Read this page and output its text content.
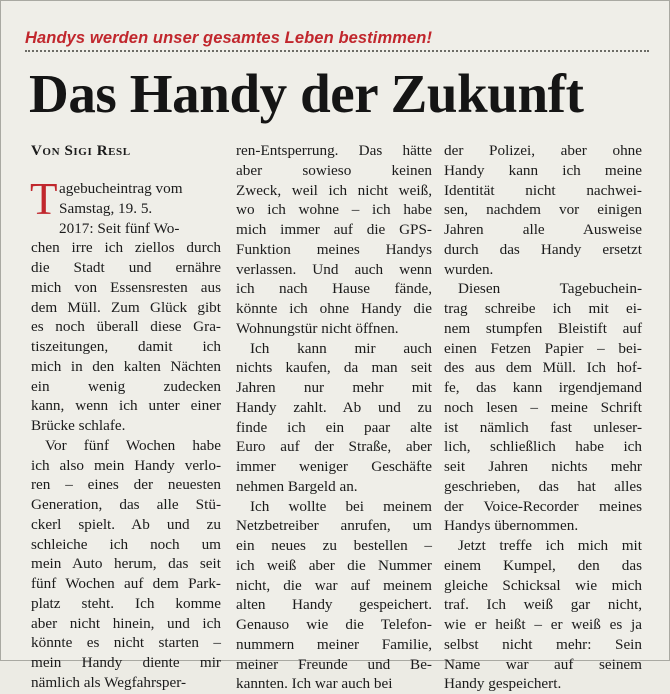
Handys werden unser gesamtes Leben bestimmen!
Das Handy der Zukunft
Von Sigi Resl
T agebucheintrag vom
Samstag, 19. 5.
2017: Seit fünf Wo-
chen irre ich ziellos durch
die Stadt und ernähre
mich von Essensresten aus
dem Müll. Zum Glück gibt
es noch überall diese Gra-
tiszeitungen, damit ich
mich in den kalten Nächten
ein wenig zudecken
kann, wenn ich unter einer
Brücke schlafe.
Vor fünf Wochen habe
ich also mein Handy verlo-
ren – eines der neuesten
Generation, das alle Stü-
ckerl spielt. Ab und zu
schleiche ich noch um
mein Auto herum, das seit
fünf Wochen auf dem Park-
platz steht. Ich komme
aber nicht hinein, und ich
könnte es nicht starten –
mein Handy diente mir
nämlich als Wegfahrsper-
ren-Entsperrung. Das hätte
aber sowieso keinen
Zweck, weil ich nicht weiß,
wo ich wohne – ich habe
mich immer auf die GPS-
Funktion meines Handys
verlassen. Und auch wenn
ich nach Hause fände,
könnte ich ohne Handy die
Wohnungstür nicht öffnen.
Ich kann mir auch
nichts kaufen, da man seit
Jahren nur mehr mit
Handy zahlt. Ab und zu
finde ich ein paar alte
Euro auf der Straße, aber
immer weniger Geschäfte
nehmen Bargeld an.
Ich wollte bei meinem
Netzbetreiber anrufen, um
ein neues zu bestellen –
ich weiß aber die Nummer
nicht, die war auf meinem
alten Handy gespeichert.
Genauso wie die Telefon-
nummern meiner Familie,
meiner Freunde und Be-
kannten. Ich war auch bei
der Polizei, aber ohne
Handy kann ich meine
Identität nicht nachwei-
sen, nachdem vor einigen
Jahren alle Ausweise
durch das Handy ersetzt
wurden.
Diesen Tagebuchein-
trag schreibe ich mit ei-
nem stumpfen Bleistift auf
einen Fetzen Papier – bei-
des aus dem Müll. Ich hof-
fe, das kann irgendjemand
noch lesen – meine Schrift
ist nämlich fast unleser-
lich, schließlich habe ich
seit Jahren nichts mehr
geschrieben, das hat alles
der Voice-Recorder meines
Handys übernommen.
Jetzt treffe ich mich mit
einem Kumpel, den das
gleiche Schicksal wie mich
traf. Ich weiß gar nicht,
wie er heißt – er weiß es ja
selbst nicht mehr: Sein
Name war auf seinem
Handy gespeichert.
